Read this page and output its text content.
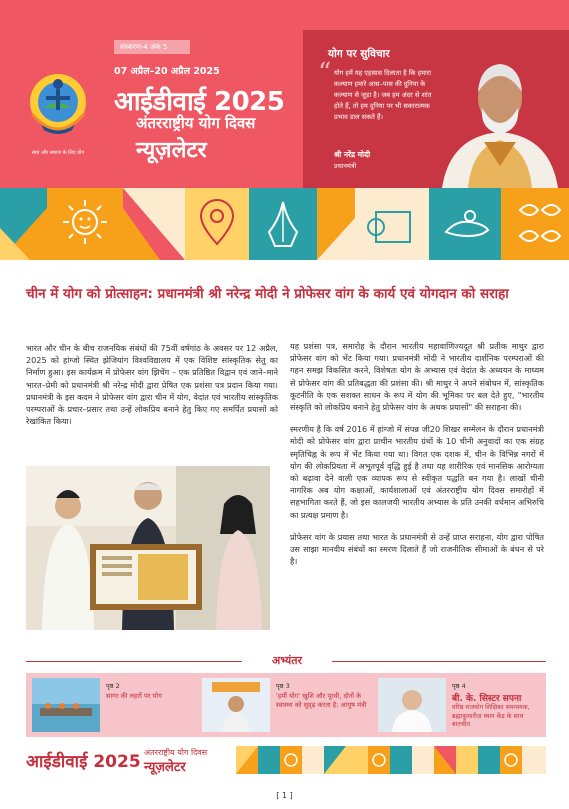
स्वयं और समाज के लिए योग
संस्करण-4 अंक 5
07 अप्रैल–20 अप्रैल 2025
आईडीवाई 2025
अंतरराष्ट्रीय योग दिवस
न्यूज़लेटर
योग पर सुविचार
“ योग हमें यह एहसास दिलाता है कि हमारा कल्याण हमारे आस–पास की दुनिया के कल्याण से जुड़ा है। जब हम अंदर से शांत होते हैं, तो हम दुनिया पर भी सकारात्मक प्रभाव डाल सकते हैं।
श्री नरेंद्र मोदी
प्रधानमंत्री
चीन में योग को प्रोत्साहन: प्रधानमंत्री श्री नरेन्द्र मोदी ने प्रोफेसर वांग के कार्य एवं योगदान को सराहा

भारत और चीन के बीच राजनयिक संबंधों की 75वीं वर्षगांठ के अवसर पर 12 अप्रैल, 2025 को हांग्जो स्थित झेजियांग विश्वविद्यालय में एक विशिष्ट सांस्कृतिक सेतु का निर्माण हुआ। इस कार्यक्रम में प्रोफेसर वांग झिचेंग – एक प्रतिष्ठित विद्वान एवं जाने–माने भारत–प्रेमी को प्रधानमंत्री श्री नरेन्द्र मोदी द्वारा प्रेषित एक प्रशंसा पत्र प्रदान किया गया। प्रधानमंत्री के इस कदम ने प्रोफेसर वांग द्वारा चीन में योग, वेदांत एवं भारतीय सांस्कृतिक परम्पराओं के प्रचार–प्रसार तथा उन्हें लोकप्रिय बनाने हेतु किए गए समर्पित प्रयासों को रेखांकित किया।

यह प्रशंसा पत्र, समारोह के दौरान भारतीय महावाणिज्यदूत श्री प्रतीक माथुर द्वारा प्रोफेसर वांग को भेंट किया गया। प्रधानमंत्री मोदी ने भारतीय दार्शनिक परम्पराओं की गहन समझ विकसित करने, विशेषतः योग के अभ्यास एवं वेदांत के अध्ययन के माध्यम से प्रोफेसर वांग की प्रतिबद्धता की प्रशंसा की। श्री माथुर ने अपने संबोधन में, सांस्कृतिक कूटनीति के एक सशक्त साधन के रूप में योग की भूमिका पर बल देते हुए, "भारतीय संस्कृति को लोकप्रिय बनाने हेतु प्रोफेसर वांग के अथक प्रयासों" की सराहना की।

स्मरणीय है कि वर्ष 2016 में हांग्जो में संपन्न जी20 शिखर सम्मेलन के दौरान प्रधानमंत्री मोदी को प्रोफेसर वांग द्वारा प्राचीन भारतीय ग्रंथों के 10 चीनी अनुवादों का एक संग्रह स्मृतिचिह्न के रूप में भेंट किया गया था। विगत एक दशक में, चीन के विभिन्न नगरों में योग की लोकप्रियता में अभूतपूर्व वृद्धि हुई है तथा यह शारीरिक एवं मानसिक आरोग्यता को बढ़ावा देने वाली एक व्यापक रूप से स्वीकृत पद्धति बन गया है। लाखों चीनी नागरिक अब योग कक्षाओं, कार्यशालाओं एवं अंतरराष्ट्रीय योग दिवस समारोहों में सहभागिता करते हैं, जो इस कालजयी भारतीय अभ्यास के प्रति उनकी वर्धमान अभिरुचि का प्रत्यक्ष प्रमाण है।

प्रोफेसर वांग के प्रयास तथा भारत के प्रधानमंत्री से उन्हें प्राप्त सराहना, योग द्वारा पोषित उस साझा मानवीय संबंधों का स्मरण दिलाते हैं जो राजनीतिक सीमाओं के बंधन से परे है।

अभ्यंतर
पृष्ठ 2
सागर की लहरों पर योग
पृष्ठ 3
'हमीं योग' खुशि और पूरवी, दोनों के स्वास्थ्य को सुदृढ़ करता है: आयुष मंत्री
पृष्ठ 4
बी. के. सिस्टर सपना
वरिष्ठ राजयोग शिक्षिका समन्वयक, ब्रह्माकुमारीज़ ध्यान केंद्र के साथ बातचीत
आईडीवाई 2025 अंतरराष्ट्रीय योग दिवस
न्यूज़लेटर
[ 1 ]
